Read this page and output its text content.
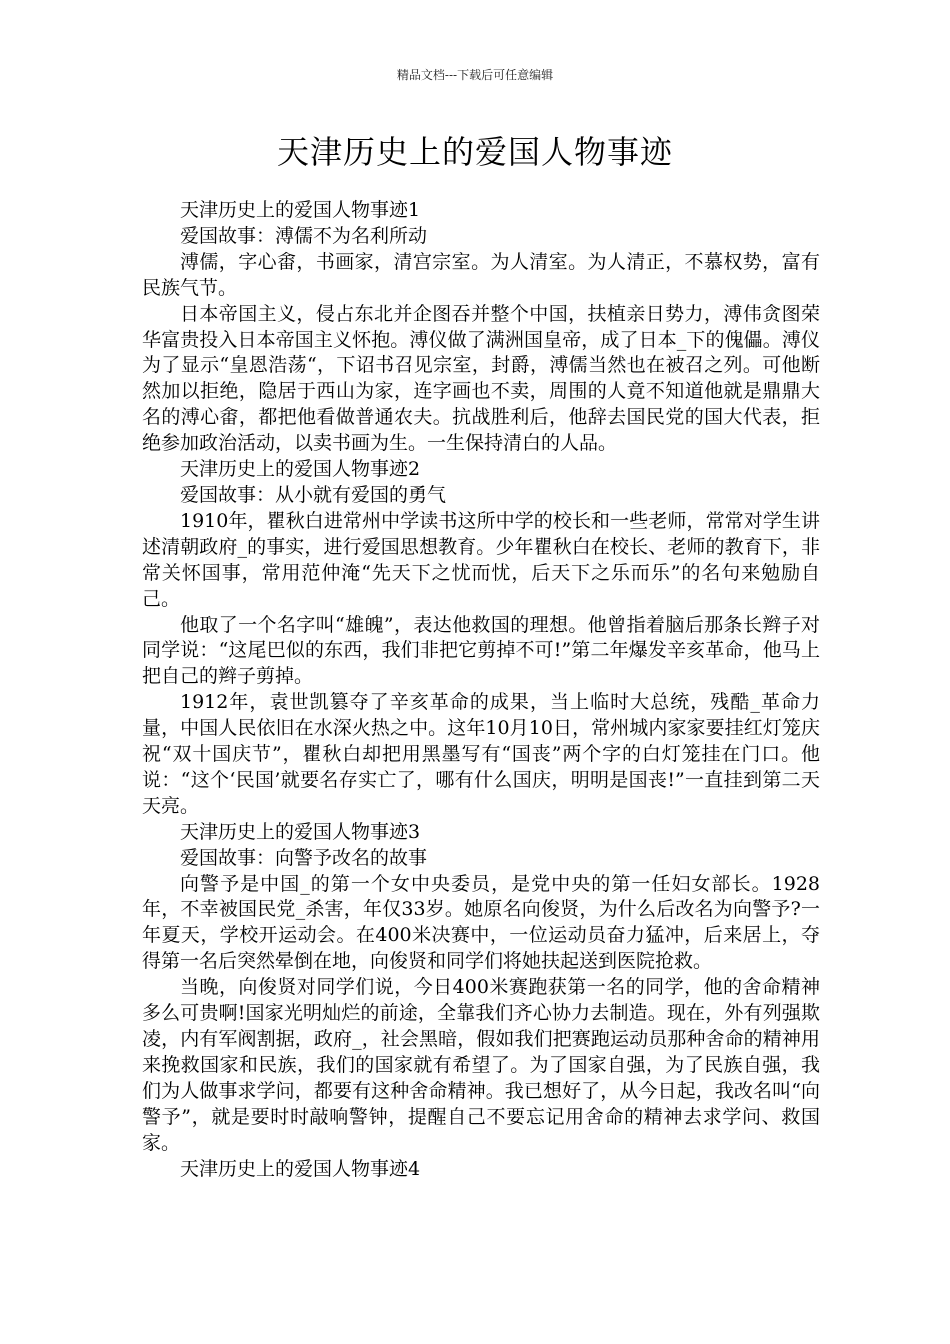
精品文档---下载后可任意编辑
天津历史上的爱国人物事迹

天津历史上的爱国人物事迹1

爱国故事：溥儒不为名利所动

溥儒，字心畬，书画家，清宫宗室。为人清室。为人清正，不慕权势，富有民族气节。

日本帝国主义，侵占东北并企图吞并整个中国，扶植亲日势力，溥伟贪图荣华富贵投入日本帝国主义怀抱。溥仪做了满洲国皇帝，成了日本_下的傀儡。溥仪为了显示“皇恩浩荡“，下诏书召见宗室，封爵，溥儒当然也在被召之列。可他断然加以拒绝，隐居于西山为家，连字画也不卖，周围的人竟不知道他就是鼎鼎大名的溥心畬，都把他看做普通农夫。抗战胜利后，他辞去国民党的国大代表，拒绝参加政治活动，以卖书画为生。一生保持清白的人品。

天津历史上的爱国人物事迹2

爱国故事：从小就有爱国的勇气

1910年，瞿秋白进常州中学读书这所中学的校长和一些老师，常常对学生讲述清朝政府_的事实，进行爱国思想教育。少年瞿秋白在校长、老师的教育下，非常关怀国事，常用范仲淹“先天下之忧而忧，后天下之乐而乐”的名句来勉励自己。

他取了一个名字叫“雄魄”，表达他救国的理想。他曾指着脑后那条长辫子对同学说：“这尾巴似的东西，我们非把它剪掉不可!”第二年爆发辛亥革命，他马上把自己的辫子剪掉。

1912年，袁世凯篡夺了辛亥革命的成果，当上临时大总统，残酷_革命力量，中国人民依旧在水深火热之中。这年10月10日，常州城内家家要挂红灯笼庆祝“双十国庆节”，瞿秋白却把用黑墨写有“国丧”两个字的白灯笼挂在门口。他说：“这个‘民国’就要名存实亡了，哪有什么国庆，明明是国丧!”一直挂到第二天天亮。

天津历史上的爱国人物事迹3

爱国故事：向警予改名的故事

向警予是中国_的第一个女中央委员，是党中央的第一任妇女部长。1928年，不幸被国民党_杀害，年仅33岁。她原名向俊贤，为什么后改名为向警予?一年夏天，学校开运动会。在400米决赛中，一位运动员奋力猛冲，后来居上，夺得第一名后突然晕倒在地，向俊贤和同学们将她扶起送到医院抢救。

当晚，向俊贤对同学们说，今日400米赛跑获第一名的同学，他的舍命精神多么可贵啊!国家光明灿烂的前途，全靠我们齐心协力去制造。现在，外有列强欺凌，内有军阀割据，政府_，社会黑暗，假如我们把赛跑运动员那种舍命的精神用来挽救国家和民族，我们的国家就有希望了。为了国家自强，为了民族自强，我们为人做事求学问，都要有这种舍命精神。我已想好了，从今日起，我改名叫“向警予”，就是要时时敲响警钟，提醒自己不要忘记用舍命的精神去求学问、救国家。

天津历史上的爱国人物事迹4
